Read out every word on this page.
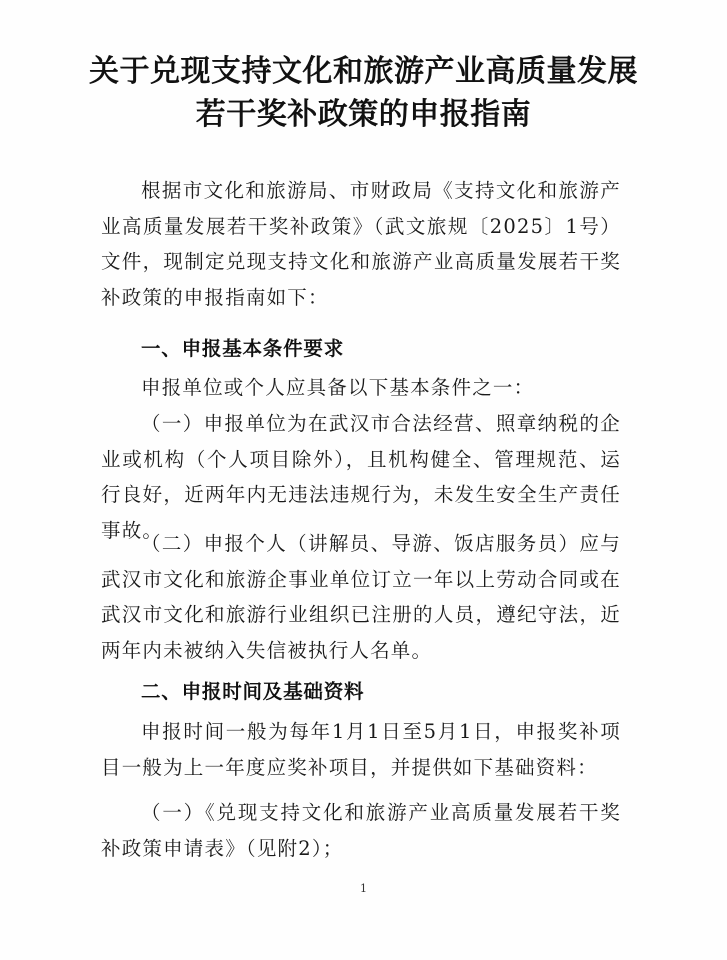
关于兑现支持文化和旅游产业高质量发展
若干奖补政策的申报指南
根据市文化和旅游局、市财政局《支持文化和旅游产业高质量发展若干奖补政策》（武文旅规〔2025〕1号）文件，现制定兑现支持文化和旅游产业高质量发展若干奖补政策的申报指南如下：
一、申报基本条件要求
申报单位或个人应具备以下基本条件之一：
（一）申报单位为在武汉市合法经营、照章纳税的企业或机构（个人项目除外），且机构健全、管理规范、运行良好，近两年内无违法违规行为，未发生安全生产责任事故。
（二）申报个人（讲解员、导游、饭店服务员）应与武汉市文化和旅游企事业单位订立一年以上劳动合同或在武汉市文化和旅游行业组织已注册的人员，遵纪守法，近两年内未被纳入失信被执行人名单。
二、申报时间及基础资料
申报时间一般为每年1月1日至5月1日，申报奖补项目一般为上一年度应奖补项目，并提供如下基础资料：
（一）《兑现支持文化和旅游产业高质量发展若干奖补政策申请表》（见附2）；
1
